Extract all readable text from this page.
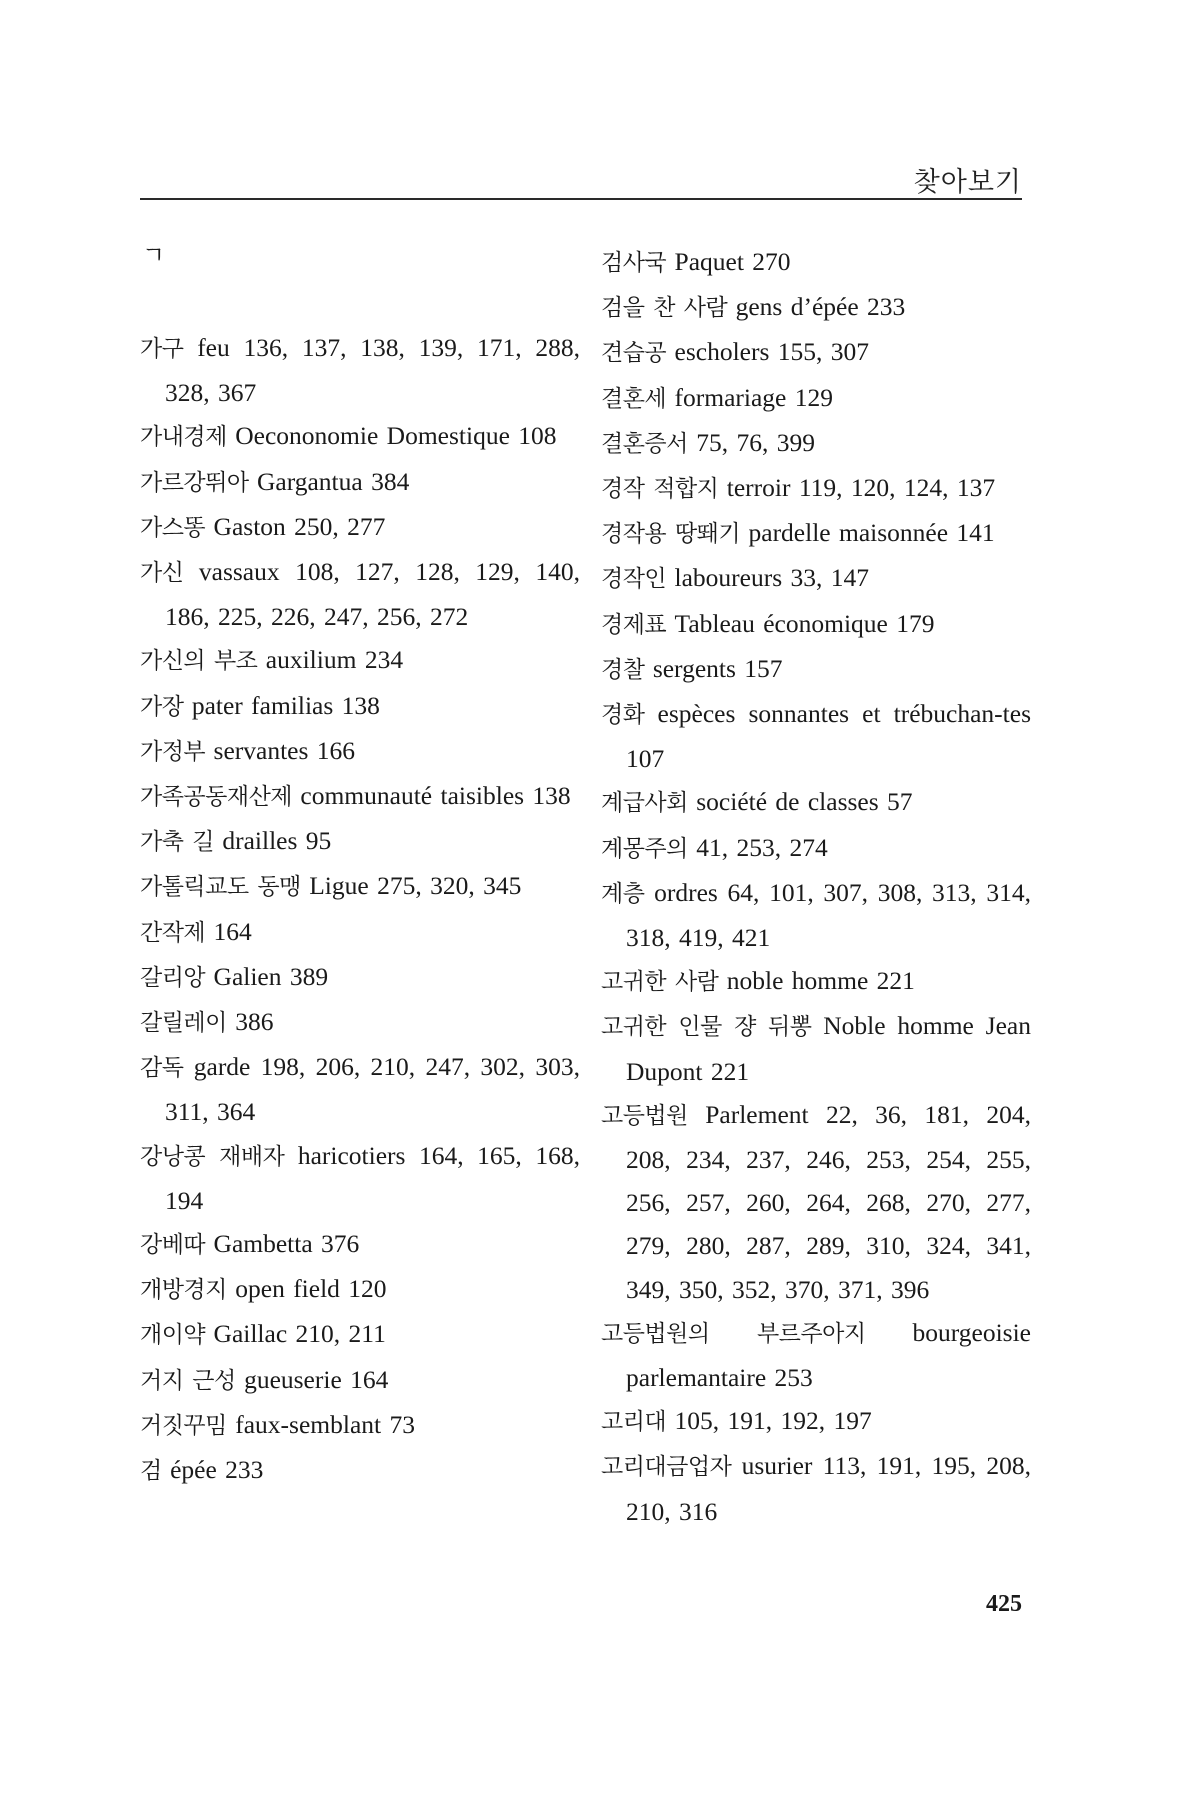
찾아보기
ㄱ
가구 feu 136, 137, 138, 139, 171, 288, 328, 367
가내경제 Oecononomie Domestique 108
가르강뛰아 Gargantua 384
가스똥 Gaston 250, 277
가신 vassaux 108, 127, 128, 129, 140, 186, 225, 226, 247, 256, 272
가신의 부조 auxilium 234
가장 pater familias 138
가정부 servantes 166
가족공동재산제 communauté taisibles 138
가축 길 drailles 95
가톨릭교도 동맹 Ligue 275, 320, 345
간작제 164
갈리앙 Galien 389
갈릴레이 386
감독 garde 198, 206, 210, 247, 302, 303, 311, 364
강낭콩 재배자 haricotiers 164, 165, 168, 194
강베따 Gambetta 376
개방경지 open field 120
개이약 Gaillac 210, 211
거지 근성 gueuserie 164
거짓꾸밈 faux-semblant 73
검 épée 233
검사국 Paquet 270
검을 찬 사람 gens d’épée 233
견습공 escholers 155, 307
결혼세 formariage 129
결혼증서 75, 76, 399
경작 적합지 terroir 119, 120, 124, 137
경작용 땅뙈기 pardelle maisonnée 141
경작인 laboureurs 33, 147
경제표 Tableau économique 179
경찰 sergents 157
경화 espèces sonnantes et trébuchan-tes 107
계급사회 société de classes 57
계몽주의 41, 253, 274
계층 ordres 64, 101, 307, 308, 313, 314, 318, 419, 421
고귀한 사람 noble homme 221
고귀한 인물 쟝 뒤뽕 Noble homme Jean Dupont 221
고등법원 Parlement 22, 36, 181, 204, 208, 234, 237, 246, 253, 254, 255, 256, 257, 260, 264, 268, 270, 277, 279, 280, 287, 289, 310, 324, 341, 349, 350, 352, 370, 371, 396
고등법원의 부르주아지 bourgeoisie parlemantaire 253
고리대 105, 191, 192, 197
고리대금업자 usurier 113, 191, 195, 208, 210, 316
425
